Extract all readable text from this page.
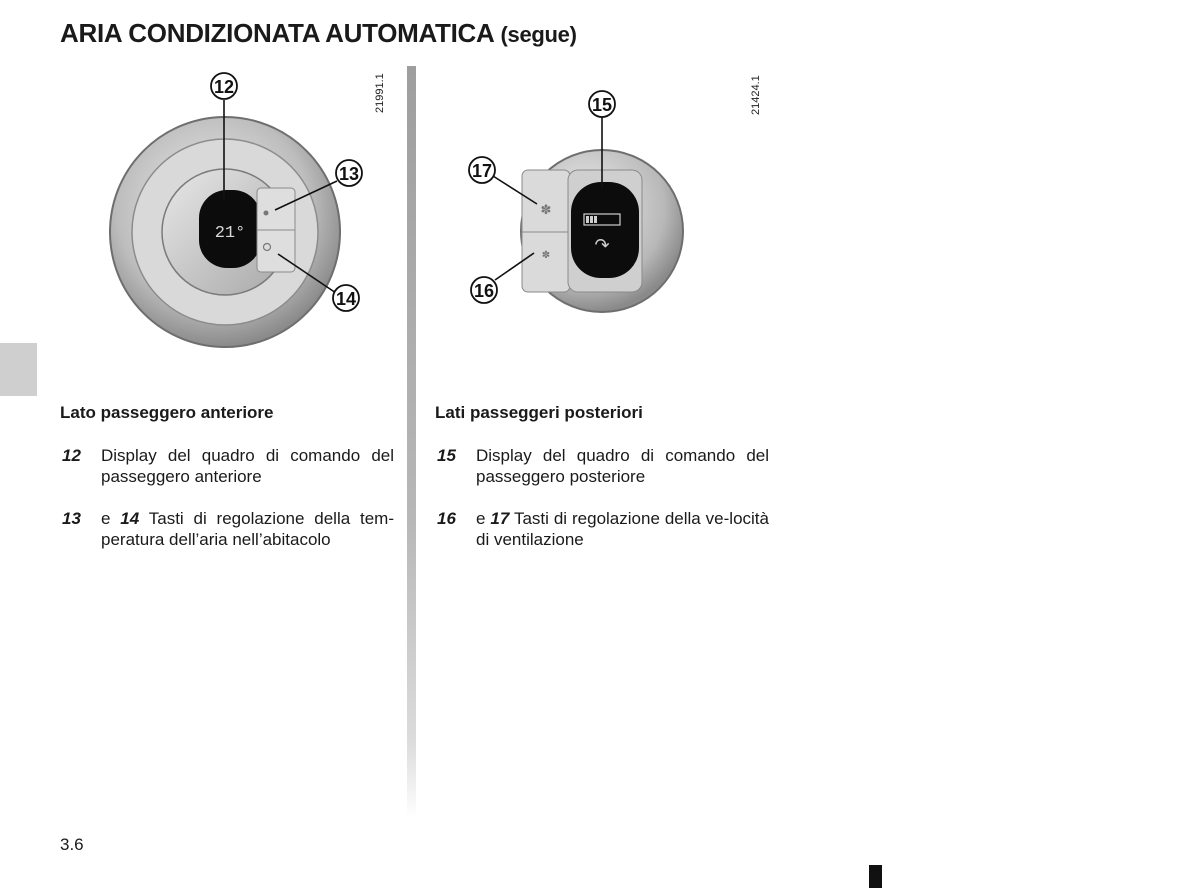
ARIA CONDIZIONATA AUTOMATICA (segue)
21°
12
13
14
21991.1
✽
✽
↷
15
17
16
21424.1
Lato passeggero anteriore
12 Display del quadro di comando del passeggero anteriore
13 e 14 Tasti di regolazione della tem-peratura dell’aria nell’abitacolo
Lati passeggeri posteriori
15 Display del quadro di comando del passeggero posteriore
16 e 17 Tasti di regolazione della ve-locità di ventilazione
3.6
